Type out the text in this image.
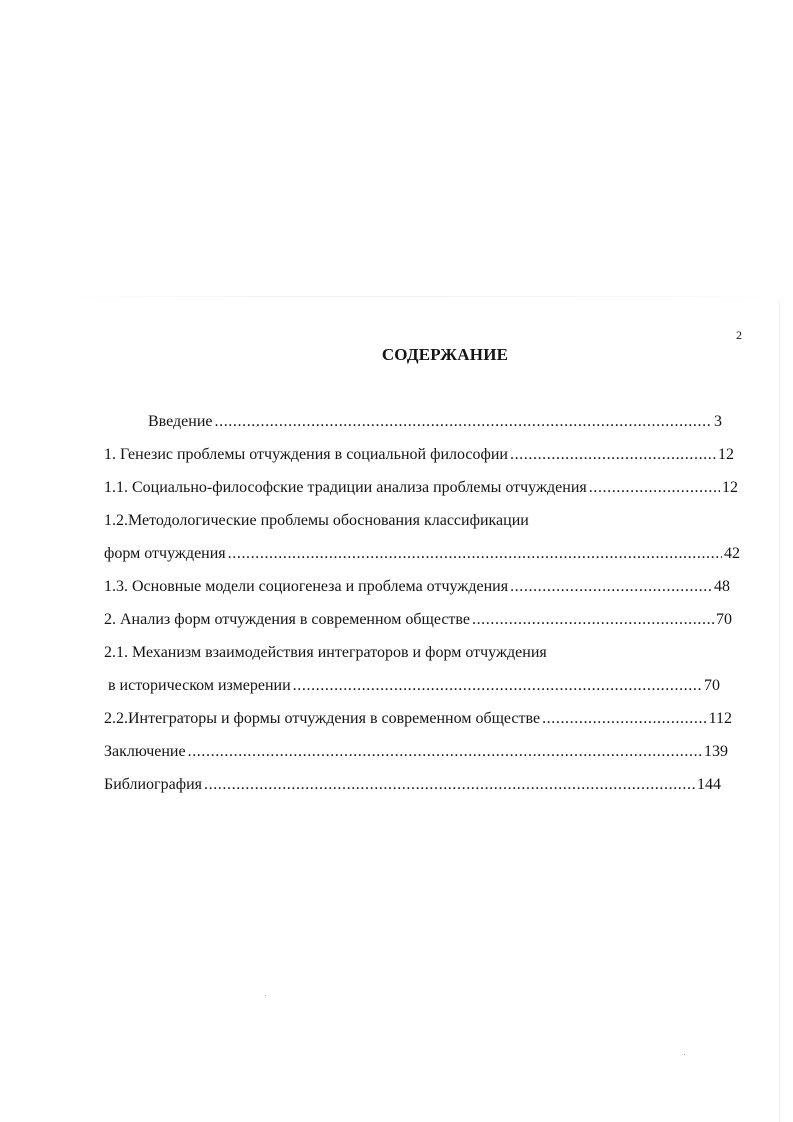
2
СОДЕРЖАНИЕ
Введение .....	3
1. Генезис проблемы отчуждения в социальной философии .....	12
1.1. Социально-философские традиции анализа проблемы отчуждения .....	12
1.2.Методологические проблемы обоснования классификации
форм отчуждения .....	42
1.3. Основные модели социогенеза и проблема отчуждения .....	48
2. Анализ форм отчуждения в современном обществе .....	70
2.1. Механизм взаимодействия интеграторов и форм отчуждения
в историческом измерении .....	70
2.2.Интеграторы и формы отчуждения в современном обществе .....	112
Заключение .....	139
Библиография .....	144
